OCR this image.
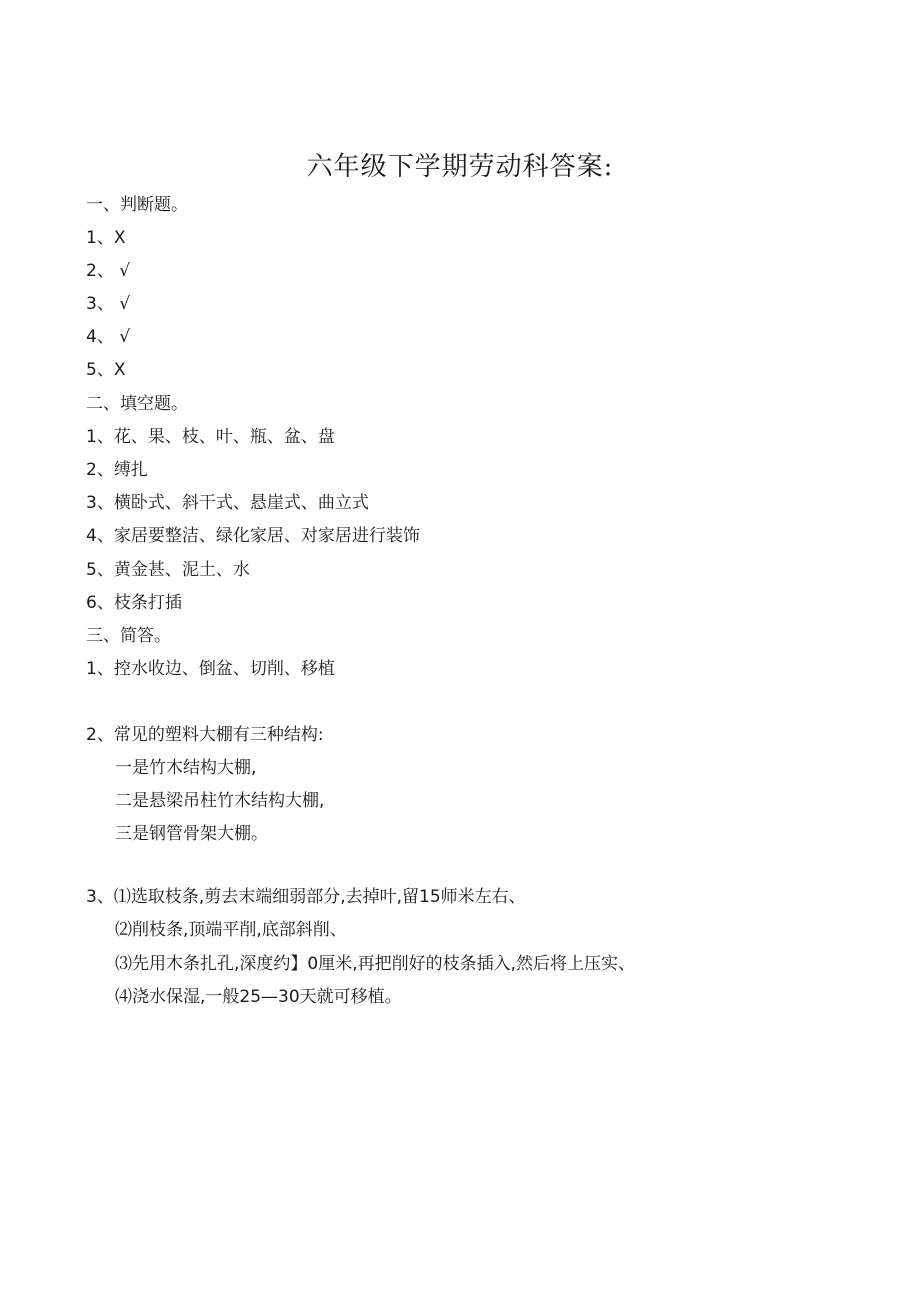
六年级下学期劳动科答案:
一、判断题。
1、X
2、 √
3、 √
4、 √
5、X
二、填空题。
1、花、果、枝、叶、瓶、盆、盘
2、缚扎
3、横卧式、斜干式、悬崖式、曲立式
4、家居要整洁、绿化家居、对家居进行装饰
5、黄金甚、泥土、水
6、枝条打插
三、简答。
1、控水收边、倒盆、切削、移植
2、常见的塑料大棚有三种结构:
一是竹木结构大棚,
二是悬梁吊柱竹木结构大棚,
三是钢管骨架大棚。
3、⑴选取枝条,剪去末端细弱部分,去掉叶,留15师米左右、
⑵削枝条,顶端平削,底部斜削、
⑶先用木条扎孔,深度约】0厘米,再把削好的枝条插入,然后将上压实、
⑷浇水保湿,一般25—30天就可移植。
